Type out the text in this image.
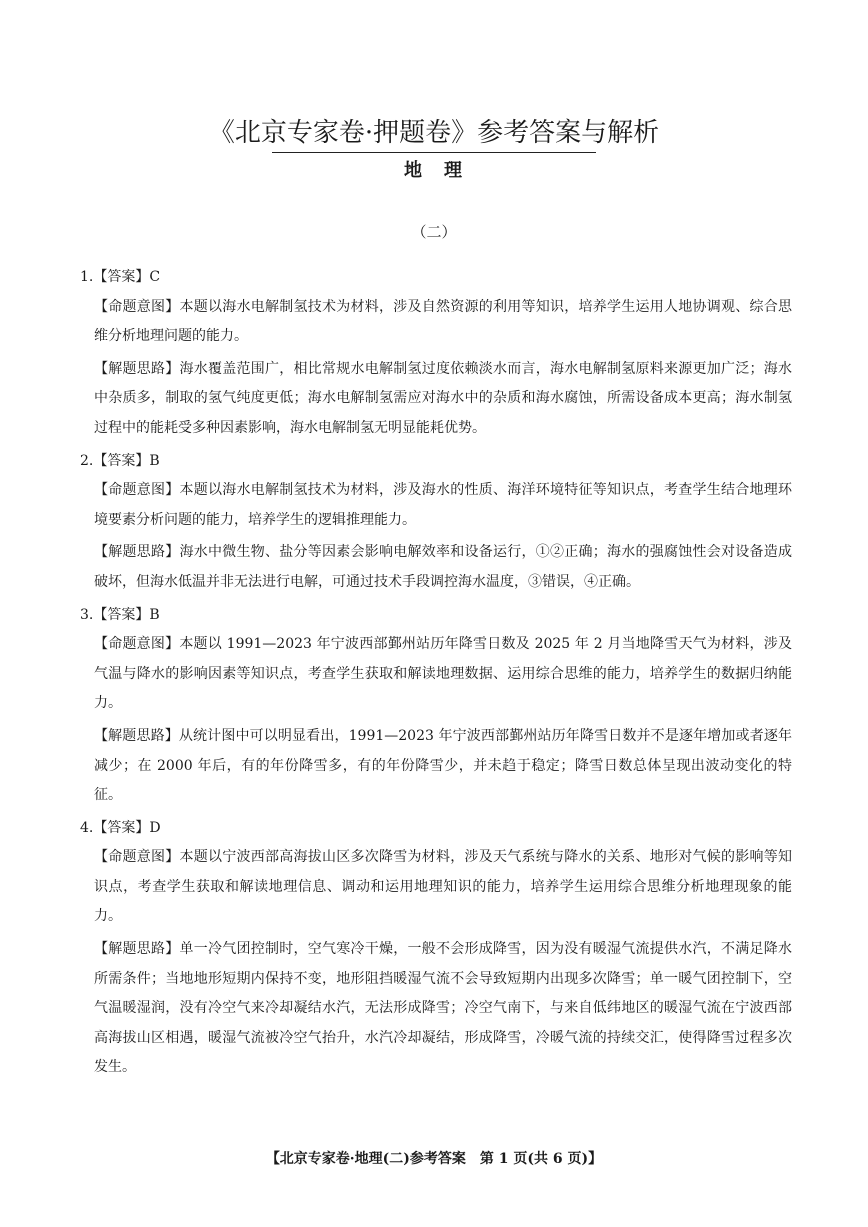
《北京专家卷·押题卷》参考答案与解析
地　理
（二）

1.【答案】C

【命题意图】本题以海水电解制氢技术为材料，涉及自然资源的利用等知识，培养学生运用人地协调观、综合思维分析地理问题的能力。

【解题思路】海水覆盖范围广，相比常规水电解制氢过度依赖淡水而言，海水电解制氢原料来源更加广泛；海水中杂质多，制取的氢气纯度更低；海水电解制氢需应对海水中的杂质和海水腐蚀，所需设备成本更高；海水制氢过程中的能耗受多种因素影响，海水电解制氢无明显能耗优势。

2.【答案】B

【命题意图】本题以海水电解制氢技术为材料，涉及海水的性质、海洋环境特征等知识点，考查学生结合地理环境要素分析问题的能力，培养学生的逻辑推理能力。

【解题思路】海水中微生物、盐分等因素会影响电解效率和设备运行，①②正确；海水的强腐蚀性会对设备造成破坏，但海水低温并非无法进行电解，可通过技术手段调控海水温度，③错误，④正确。

3.【答案】B

【命题意图】本题以 1991—2023 年宁波西部鄞州站历年降雪日数及 2025 年 2 月当地降雪天气为材料，涉及气温与降水的影响因素等知识点，考查学生获取和解读地理数据、运用综合思维的能力，培养学生的数据归纳能力。

【解题思路】从统计图中可以明显看出，1991—2023 年宁波西部鄞州站历年降雪日数并不是逐年增加或者逐年减少；在 2000 年后，有的年份降雪多，有的年份降雪少，并未趋于稳定；降雪日数总体呈现出波动变化的特征。

4.【答案】D

【命题意图】本题以宁波西部高海拔山区多次降雪为材料，涉及天气系统与降水的关系、地形对气候的影响等知识点，考查学生获取和解读地理信息、调动和运用地理知识的能力，培养学生运用综合思维分析地理现象的能力。

【解题思路】单一冷气团控制时，空气寒冷干燥，一般不会形成降雪，因为没有暖湿气流提供水汽，不满足降水所需条件；当地地形短期内保持不变，地形阻挡暖湿气流不会导致短期内出现多次降雪；单一暖气团控制下，空气温暖湿润，没有冷空气来冷却凝结水汽，无法形成降雪；冷空气南下，与来自低纬地区的暖湿气流在宁波西部高海拔山区相遇，暖湿气流被冷空气抬升，水汽冷却凝结，形成降雪，冷暖气流的持续交汇，使得降雪过程多次发生。

【北京专家卷·地理(二)参考答案　第 1 页(共 6 页)】
